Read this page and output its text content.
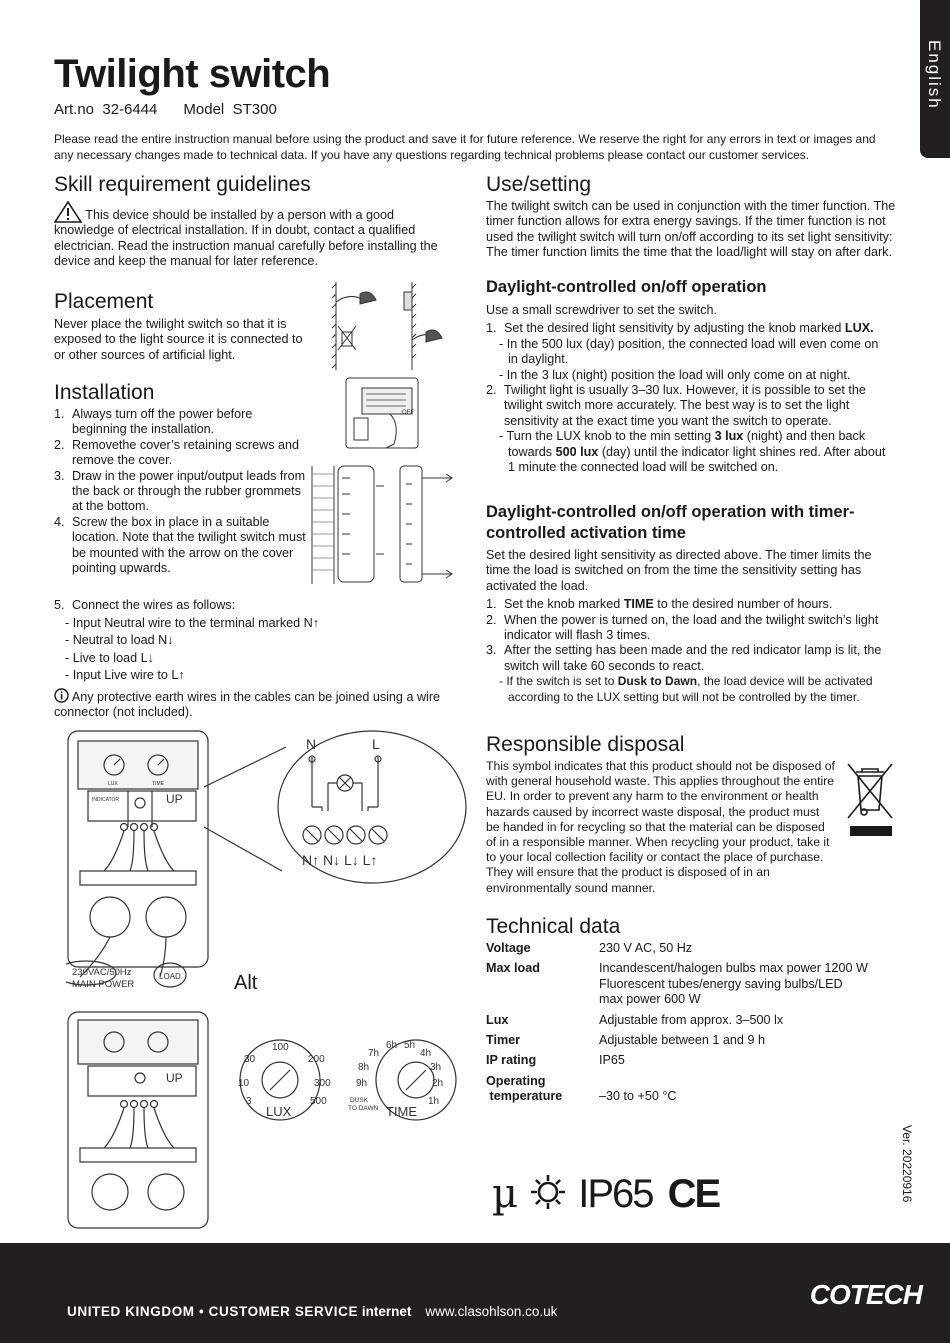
English
Twilight switch
Art.no  32-6444 Model  ST300
Please read the entire instruction manual before using the product and save it for future reference. We reserve the right for any errors in text or images and any necessary changes made to technical data. If you have any questions regarding technical problems please contact our customer services.
Skill requirement guidelines
This device should be installed by a person with a good knowledge of electrical installation. If in doubt, contact a qualified electrician. Read the instruction manual carefully before installing the device and keep the manual for later reference.
Placement
Never place the twilight switch so that it is exposed to the light source it is connected to or other sources of artificial light.
Installation
1. Always turn off the power before beginning the installation.
2. Removethe cover’s retaining screws and remove the cover.
3. Draw in the power input/output leads from the back or through the rubber grommets at the bottom.
4. Screw the box in place in a suitable location. Note that the twilight switch must be mounted with the arrow on the cover pointing upwards.
5. Connect the wires as follows:
- Input Neutral wire to the terminal marked N↑
- Neutral to load N↓
- Live to load L↓
- Input Live wire to L↑
Any protective earth wires in the cables can be joined using a wire connector (not included).
OFF
N	L
N↑ N↓ L↓ L↑
UP
INDICATOR
LUX	TIME
230VAC/50Hz
MAIN POWER
LOAD	Alt
UP
LUX	TIME
3
10
30
100
200
300
500
9h
8h
7h
6h 5h
4h
3h
2h
1h
DUSK
TO DAWN
Use/setting
The twilight switch can be used in conjunction with the timer function. The timer function allows for extra energy savings. If the timer function is not used the twilight switch will turn on/off according to its set light sensitivity: The timer function limits the time that the load/light will stay on after dark.
Daylight-controlled on/off operation
Use a small screwdriver to set the switch.
1. Set the desired light sensitivity by adjusting the knob marked LUX.
- In the 500 lux (day) position, the connected load will even come on in daylight.
- In the 3 lux (night) position the load will only come on at night.
2. Twilight light is usually 3–30 lux. However, it is possible to set the twilight switch more accurately. The best way is to set the light sensitivity at the exact time you want the switch to operate.
- Turn the LUX knob to the min setting 3 lux (night) and then back towards 500 lux (day) until the indicator light shines red. After about 1 minute the connected load will be switched on.
Daylight-controlled on/off operation with timer-controlled activation time
Set the desired light sensitivity as directed above. The timer limits the time the load is switched on from the time the sensitivity setting has activated the load.
1. Set the knob marked TIME to the desired number of hours.
2. When the power is turned on, the load and the twilight switch’s light indicator will flash 3 times.
3. After the setting has been made and the red indicator lamp is lit, the switch will take 60 seconds to react.
- If the switch is set to Dusk to Dawn, the load device will be activated according to the LUX setting but will not be controlled by the timer.
Responsible disposal
This symbol indicates that this product should not be disposed of with general household waste. This applies throughout the entire EU. In order to prevent any harm to the environment or health hazards caused by incorrect waste disposal, the product must be handed in for recycling so that the material can be disposed of in a responsible manner. When recycling your product, take it to your local collection facility or contact the place of purchase. They will ensure that the product is disposed of in an environmentally sound manner.
Technical data
Voltage	230 V AC, 50 Hz
Max load	Incandescent/halogen bulbs max power 1200 W
Fluorescent tubes/energy saving bulbs/LED
max power 600 W
Lux	Adjustable from approx. 3–500 lx
Timer	Adjustable between 1 and 9 h
IP rating	IP65
Operating
temperature	
–30 to +50 °C
µ IP65 CE	Ver. 20220916
UNITED KINGDOM • CUSTOMER SERVICE internet www.clasohlson.co.uk
COTECH
